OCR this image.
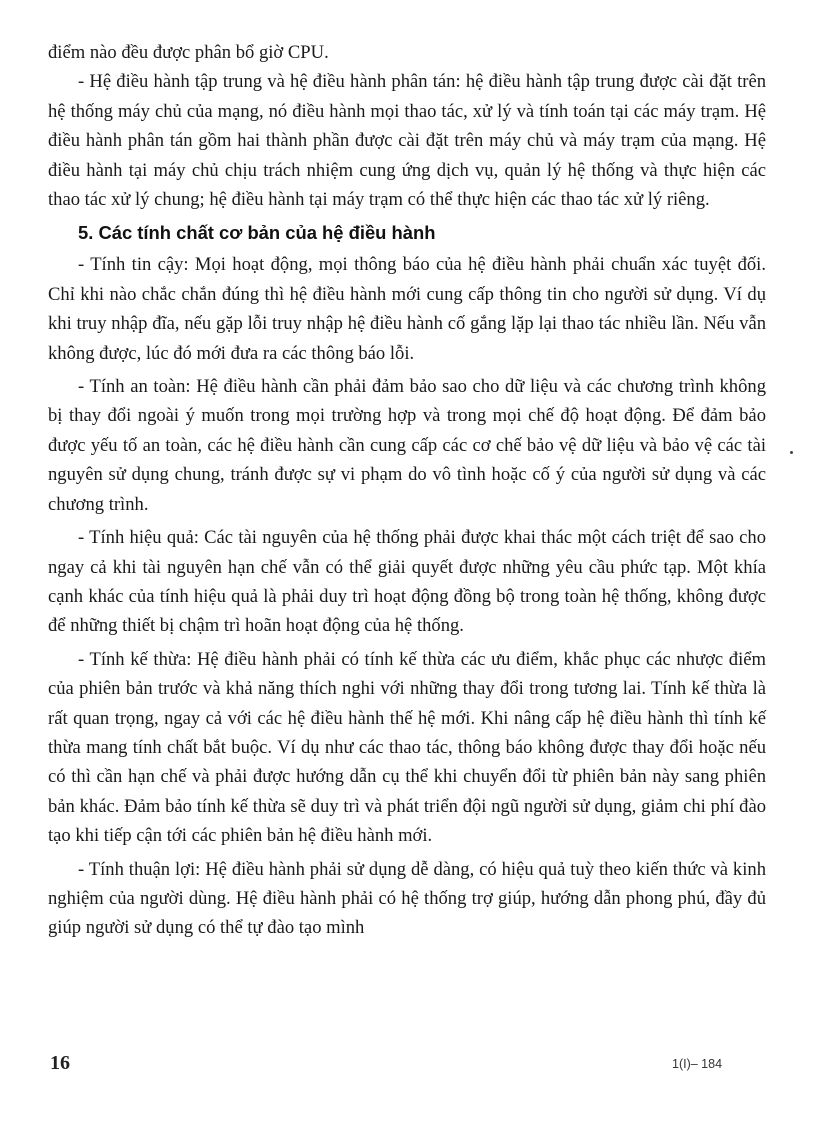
điểm nào đều được phân bổ giờ CPU.

- Hệ điều hành tập trung và hệ điều hành phân tán: hệ điều hành tập trung được cài đặt trên hệ thống máy chủ của mạng, nó điều hành mọi thao tác, xử lý và tính toán tại các máy trạm. Hệ điều hành phân tán gồm hai thành phần được cài đặt trên máy chủ và máy trạm của mạng. Hệ điều hành tại máy chủ chịu trách nhiệm cung ứng dịch vụ, quản lý hệ thống và thực hiện các thao tác xử lý chung; hệ điều hành tại máy trạm có thể thực hiện các thao tác xử lý riêng.

5. Các tính chất cơ bản của hệ điều hành

- Tính tin cậy: Mọi hoạt động, mọi thông báo của hệ điều hành phải chuẩn xác tuyệt đối. Chỉ khi nào chắc chắn đúng thì hệ điều hành mới cung cấp thông tin cho người sử dụng. Ví dụ khi truy nhập đĩa, nếu gặp lỗi truy nhập hệ điều hành cố gắng lặp lại thao tác nhiều lần. Nếu vẫn không được, lúc đó mới đưa ra các thông báo lỗi.

- Tính an toàn: Hệ điều hành cần phải đảm bảo sao cho dữ liệu và các chương trình không bị thay đổi ngoài ý muốn trong mọi trường hợp và trong mọi chế độ hoạt động. Để đảm bảo được yếu tố an toàn, các hệ điều hành cần cung cấp các cơ chế bảo vệ dữ liệu và bảo vệ các tài nguyên sử dụng chung, tránh được sự vi phạm do vô tình hoặc cố ý của người sử dụng và các chương trình.

- Tính hiệu quả: Các tài nguyên của hệ thống phải được khai thác một cách triệt để sao cho ngay cả khi tài nguyên hạn chế vẫn có thể giải quyết được những yêu cầu phức tạp. Một khía cạnh khác của tính hiệu quả là phải duy trì hoạt động đồng bộ trong toàn hệ thống, không được để những thiết bị chậm trì hoãn hoạt động của hệ thống.

- Tính kế thừa: Hệ điều hành phải có tính kế thừa các ưu điểm, khắc phục các nhược điểm của phiên bản trước và khả năng thích nghi với những thay đổi trong tương lai. Tính kế thừa là rất quan trọng, ngay cả với các hệ điều hành thế hệ mới. Khi nâng cấp hệ điều hành thì tính kế thừa mang tính chất bắt buộc. Ví dụ như các thao tác, thông báo không được thay đổi hoặc nếu có thì cần hạn chế và phải được hướng dẫn cụ thể khi chuyển đổi từ phiên bản này sang phiên bản khác. Đảm bảo tính kế thừa sẽ duy trì và phát triển đội ngũ người sử dụng, giảm chi phí đào tạo khi tiếp cận tới các phiên bản hệ điều hành mới.

- Tính thuận lợi: Hệ điều hành phải sử dụng dễ dàng, có hiệu quả tuỳ theo kiến thức và kinh nghiệm của người dùng. Hệ điều hành phải có hệ thống trợ giúp, hướng dẫn phong phú, đầy đủ giúp người sử dụng có thể tự đào tạo mình

16	1(I)– 184
